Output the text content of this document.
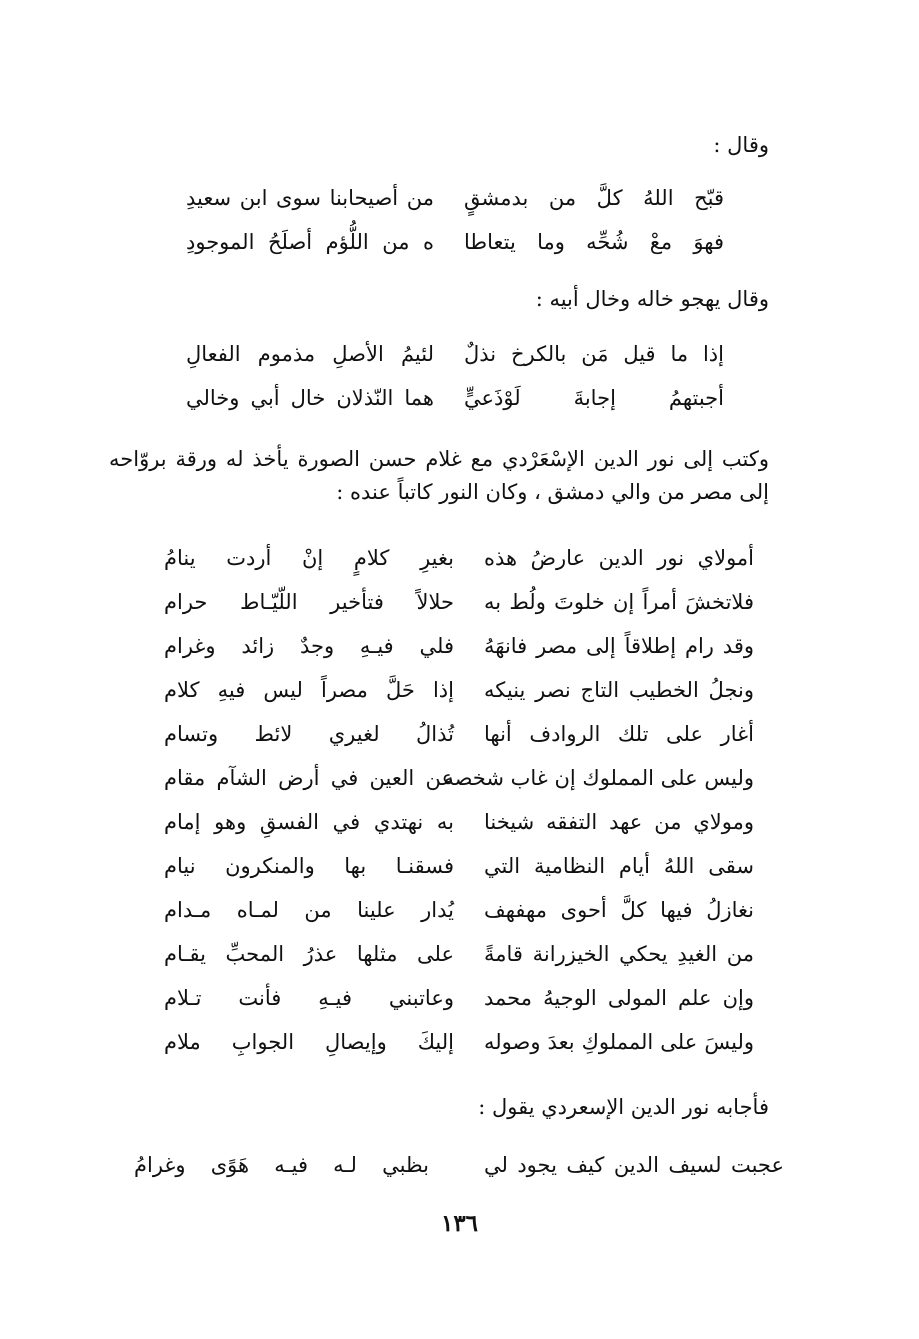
وقال :
قبّح اللهُ كلَّ من بدمشقٍ
من أصيحابنا سوى ابن سعيدِ
فهوَ معْ شُحِّه وما يتعاطا
ه من اللُّؤم أصلَحُ الموجودِ
وقال يهجو خاله وخال أبيه :
إذا ما قيل مَن بالكرخ نذلٌ
لئيمُ الأصلِ مذموم الفعالِ
أجبتهمُ إجابةَ لَوْذَعيٍّ
هما النّذلان خال أبي وخالي
وكتب إلى نور الدين الإسْعَرْدي مع غلام حسن الصورة يأخذ له ورقة بروّاحه إلى مصر من والي دمشق ، وكان النور كاتباً عنده :
أمولاي نور الدين عارضُ هذه
بغيرِ كلامٍ إنْ أردت ينامُ
فلاتخشَ أمراً إن خلوتَ ولُط به
حلالاً فتأخير اللّيّـاط حرام
وقد رام إطلاقاً إلى مصر فانهَهُ
فلي فيـهِ وجدٌ زائد وغرام
ونجلُ الخطيب التاج نصر ينيكه
إذا حَلَّ مصراً ليس فيهِ كلام
أغار على تلك الروادف أنها
تُذالُ لغيري لائط وتسام
وليس على المملوك إن غاب شخصه
عن العين في أرض الشآم مقام
ومولاي من عهد التفقه شيخنا
به نهتدي في الفسقِ وهو إمام
سقى اللهُ أيام النظامية التي
فسقنـا بها والمنكرون نيام
نغازلُ فيها كلَّ أحوى مهفهف
يُدار علينا من لمـاه مـدام
من الغيدِ يحكي الخيزرانة قامةً
على مثلها عذرُ المحبِّ يقـام
وإن علم المولى الوجيهُ محمد
وعاتبني فيـهِ فأنت تـلام
وليسَ على المملوكِ بعدَ وصوله
إليكَ وإيصالِ الجوابِ ملام
فأجابه نور الدين الإسعردي يقول :
عجبت لسيف الدين كيف يجود لي
بظبي لـه فيـه هَوًى وغرامُ
١٣٦
